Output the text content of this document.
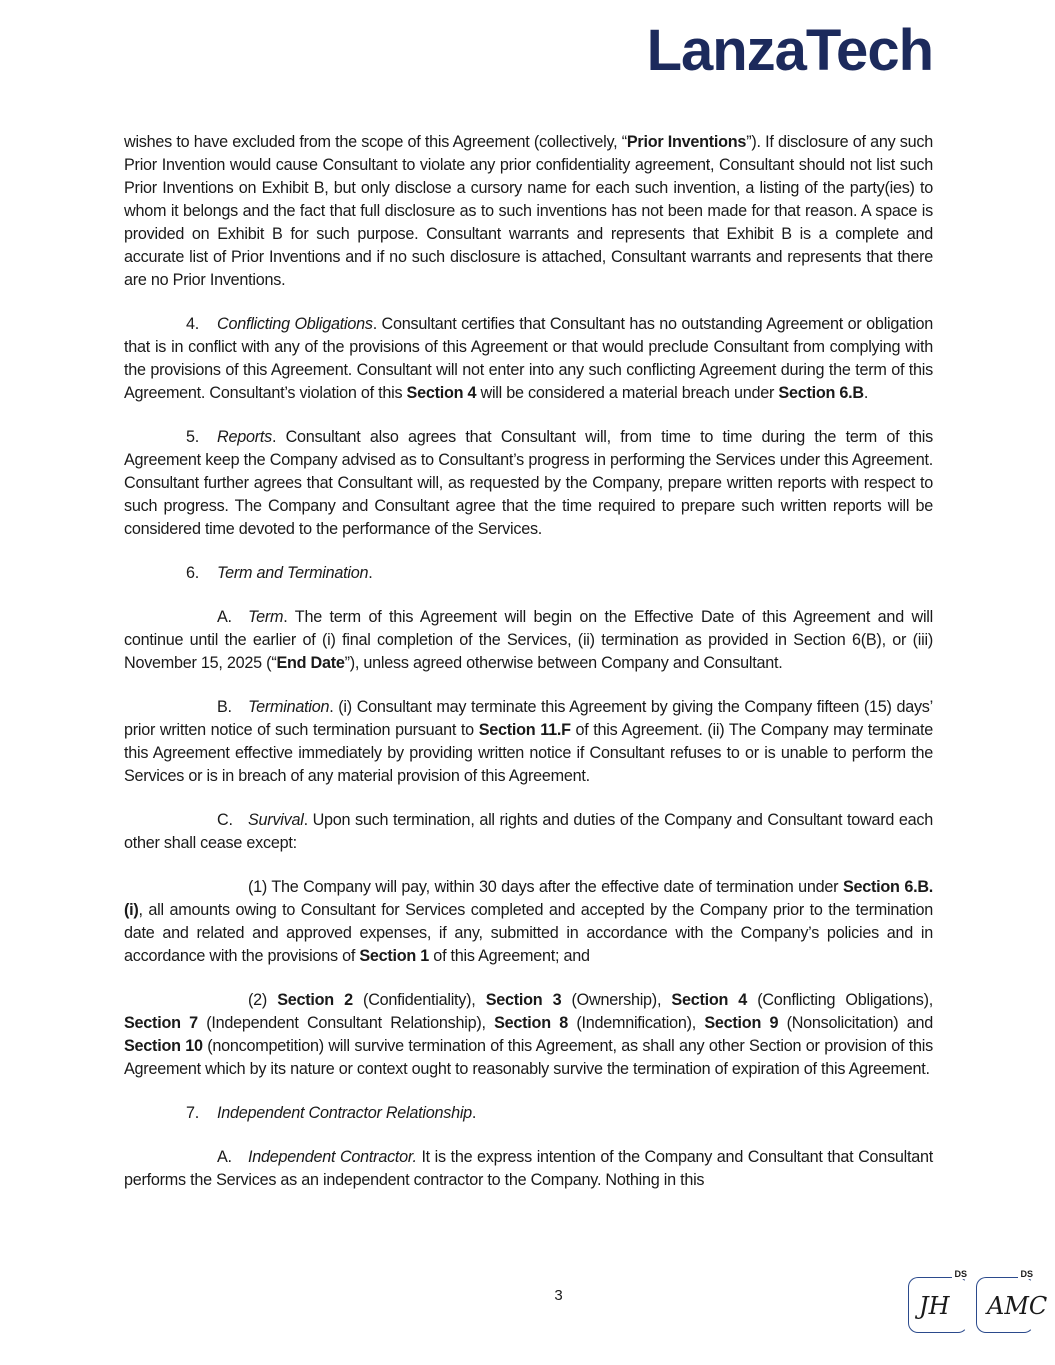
LanzaTech

wishes to have excluded from the scope of this Agreement (collectively, “Prior Inventions”). If disclosure of any such Prior Invention would cause Consultant to violate any prior confidentiality agreement, Consultant should not list such Prior Inventions on Exhibit B, but only disclose a cursory name for each such invention, a listing of the party(ies) to whom it belongs and the fact that full disclosure as to such inventions has not been made for that reason. A space is provided on Exhibit B for such purpose. Consultant warrants and represents that Exhibit B is a complete and accurate list of Prior Inventions and if no such disclosure is attached, Consultant warrants and represents that there are no Prior Inventions.

4. Conflicting Obligations. Consultant certifies that Consultant has no outstanding Agreement or obligation that is in conflict with any of the provisions of this Agreement or that would preclude Consultant from complying with the provisions of this Agreement. Consultant will not enter into any such conflicting Agreement during the term of this Agreement. Consultant’s violation of this Section 4 will be considered a material breach under Section 6.B.

5. Reports. Consultant also agrees that Consultant will, from time to time during the term of this Agreement keep the Company advised as to Consultant’s progress in performing the Services under this Agreement. Consultant further agrees that Consultant will, as requested by the Company, prepare written reports with respect to such progress. The Company and Consultant agree that the time required to prepare such written reports will be considered time devoted to the performance of the Services.

6. Term and Termination.

A. Term. The term of this Agreement will begin on the Effective Date of this Agreement and will continue until the earlier of (i) final completion of the Services, (ii) termination as provided in Section 6(B), or (iii) November 15, 2025 (“End Date”), unless agreed otherwise between Company and Consultant.

B. Termination. (i) Consultant may terminate this Agreement by giving the Company fifteen (15) days’ prior written notice of such termination pursuant to Section 11.F of this Agreement. (ii) The Company may terminate this Agreement effective immediately by providing written notice if Consultant refuses to or is unable to perform the Services or is in breach of any material provision of this Agreement.

C. Survival. Upon such termination, all rights and duties of the Company and Consultant toward each other shall cease except:

(1) The Company will pay, within 30 days after the effective date of termination under Section 6.B.(i), all amounts owing to Consultant for Services completed and accepted by the Company prior to the termination date and related and approved expenses, if any, submitted in accordance with the Company’s policies and in accordance with the provisions of Section 1 of this Agreement; and

(2) Section 2 (Confidentiality), Section 3 (Ownership), Section 4 (Conflicting Obligations), Section 7 (Independent Consultant Relationship), Section 8 (Indemnification), Section 9 (Nonsolicitation) and Section 10 (noncompetition) will survive termination of this Agreement, as shall any other Section or provision of this Agreement which by its nature or context ought to reasonably survive the termination of expiration of this Agreement.

7. Independent Contractor Relationship.

A. Independent Contractor. It is the express intention of the Company and Consultant that Consultant performs the Services as an independent contractor to the Company. Nothing in this

3
DS
JH
DS
AMC
